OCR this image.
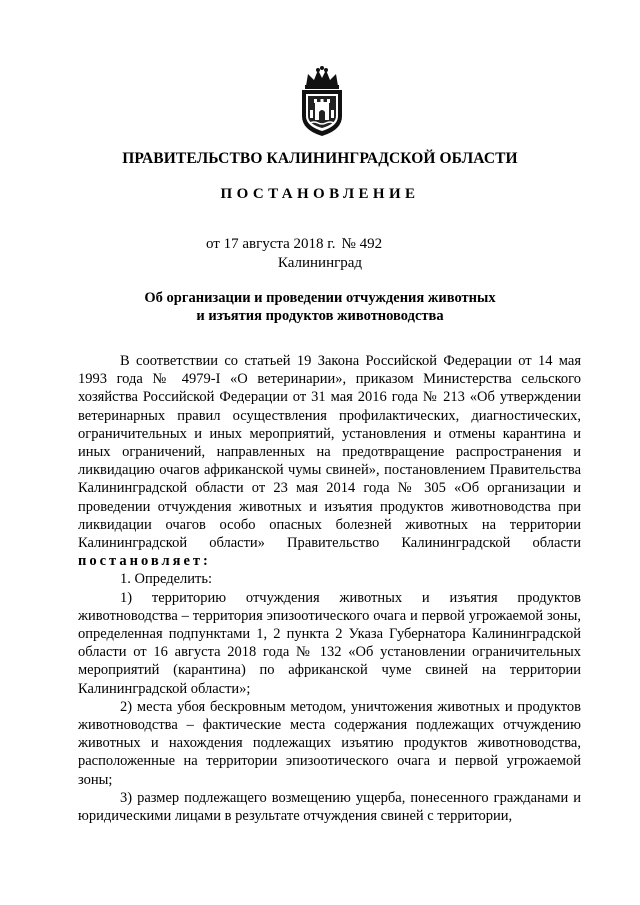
ПРАВИТЕЛЬСТВО КАЛИНИНГРАДСКОЙ ОБЛАСТИ
ПОСТАНОВЛЕНИЕ
от 17 августа 2018 г. № 492
Калининград
Об организации и проведении отчуждения животных
и изъятия продуктов животноводства

В соответствии со статьей 19 Закона Российской Федерации от 14 мая 1993 года № 4979-I «О ветеринарии», приказом Министерства сельского хозяйства Российской Федерации от 31 мая 2016 года № 213 «Об утверждении ветеринарных правил осуществления профилактических, диагностических, ограничительных и иных мероприятий, установления и отмены карантина и иных ограничений, направленных на предотвращение распространения и ликвидацию очагов африканской чумы свиней», постановлением Правительства Калининградской области от 23 мая 2014 года № 305 «Об организации и проведении отчуждения животных и изъятия продуктов животноводства при ликвидации очагов особо опасных болезней животных на территории Калининградской области» Правительство Калининградской области постановляет:

1. Определить:

1) территорию отчуждения животных и изъятия продуктов животноводства – территория эпизоотического очага и первой угрожаемой зоны, определенная подпунктами 1, 2 пункта 2 Указа Губернатора Калининградской области от 16 августа 2018 года № 132 «Об установлении ограничительных мероприятий (карантина) по африканской чуме свиней на территории Калининградской области»;

2) места убоя бескровным методом, уничтожения животных и продуктов животноводства – фактические места содержания подлежащих отчуждению животных и нахождения подлежащих изъятию продуктов животноводства, расположенные на территории эпизоотического очага и первой угрожаемой зоны;

3) размер подлежащего возмещению ущерба, понесенного гражданами и юридическими лицами в результате отчуждения свиней с территории,
